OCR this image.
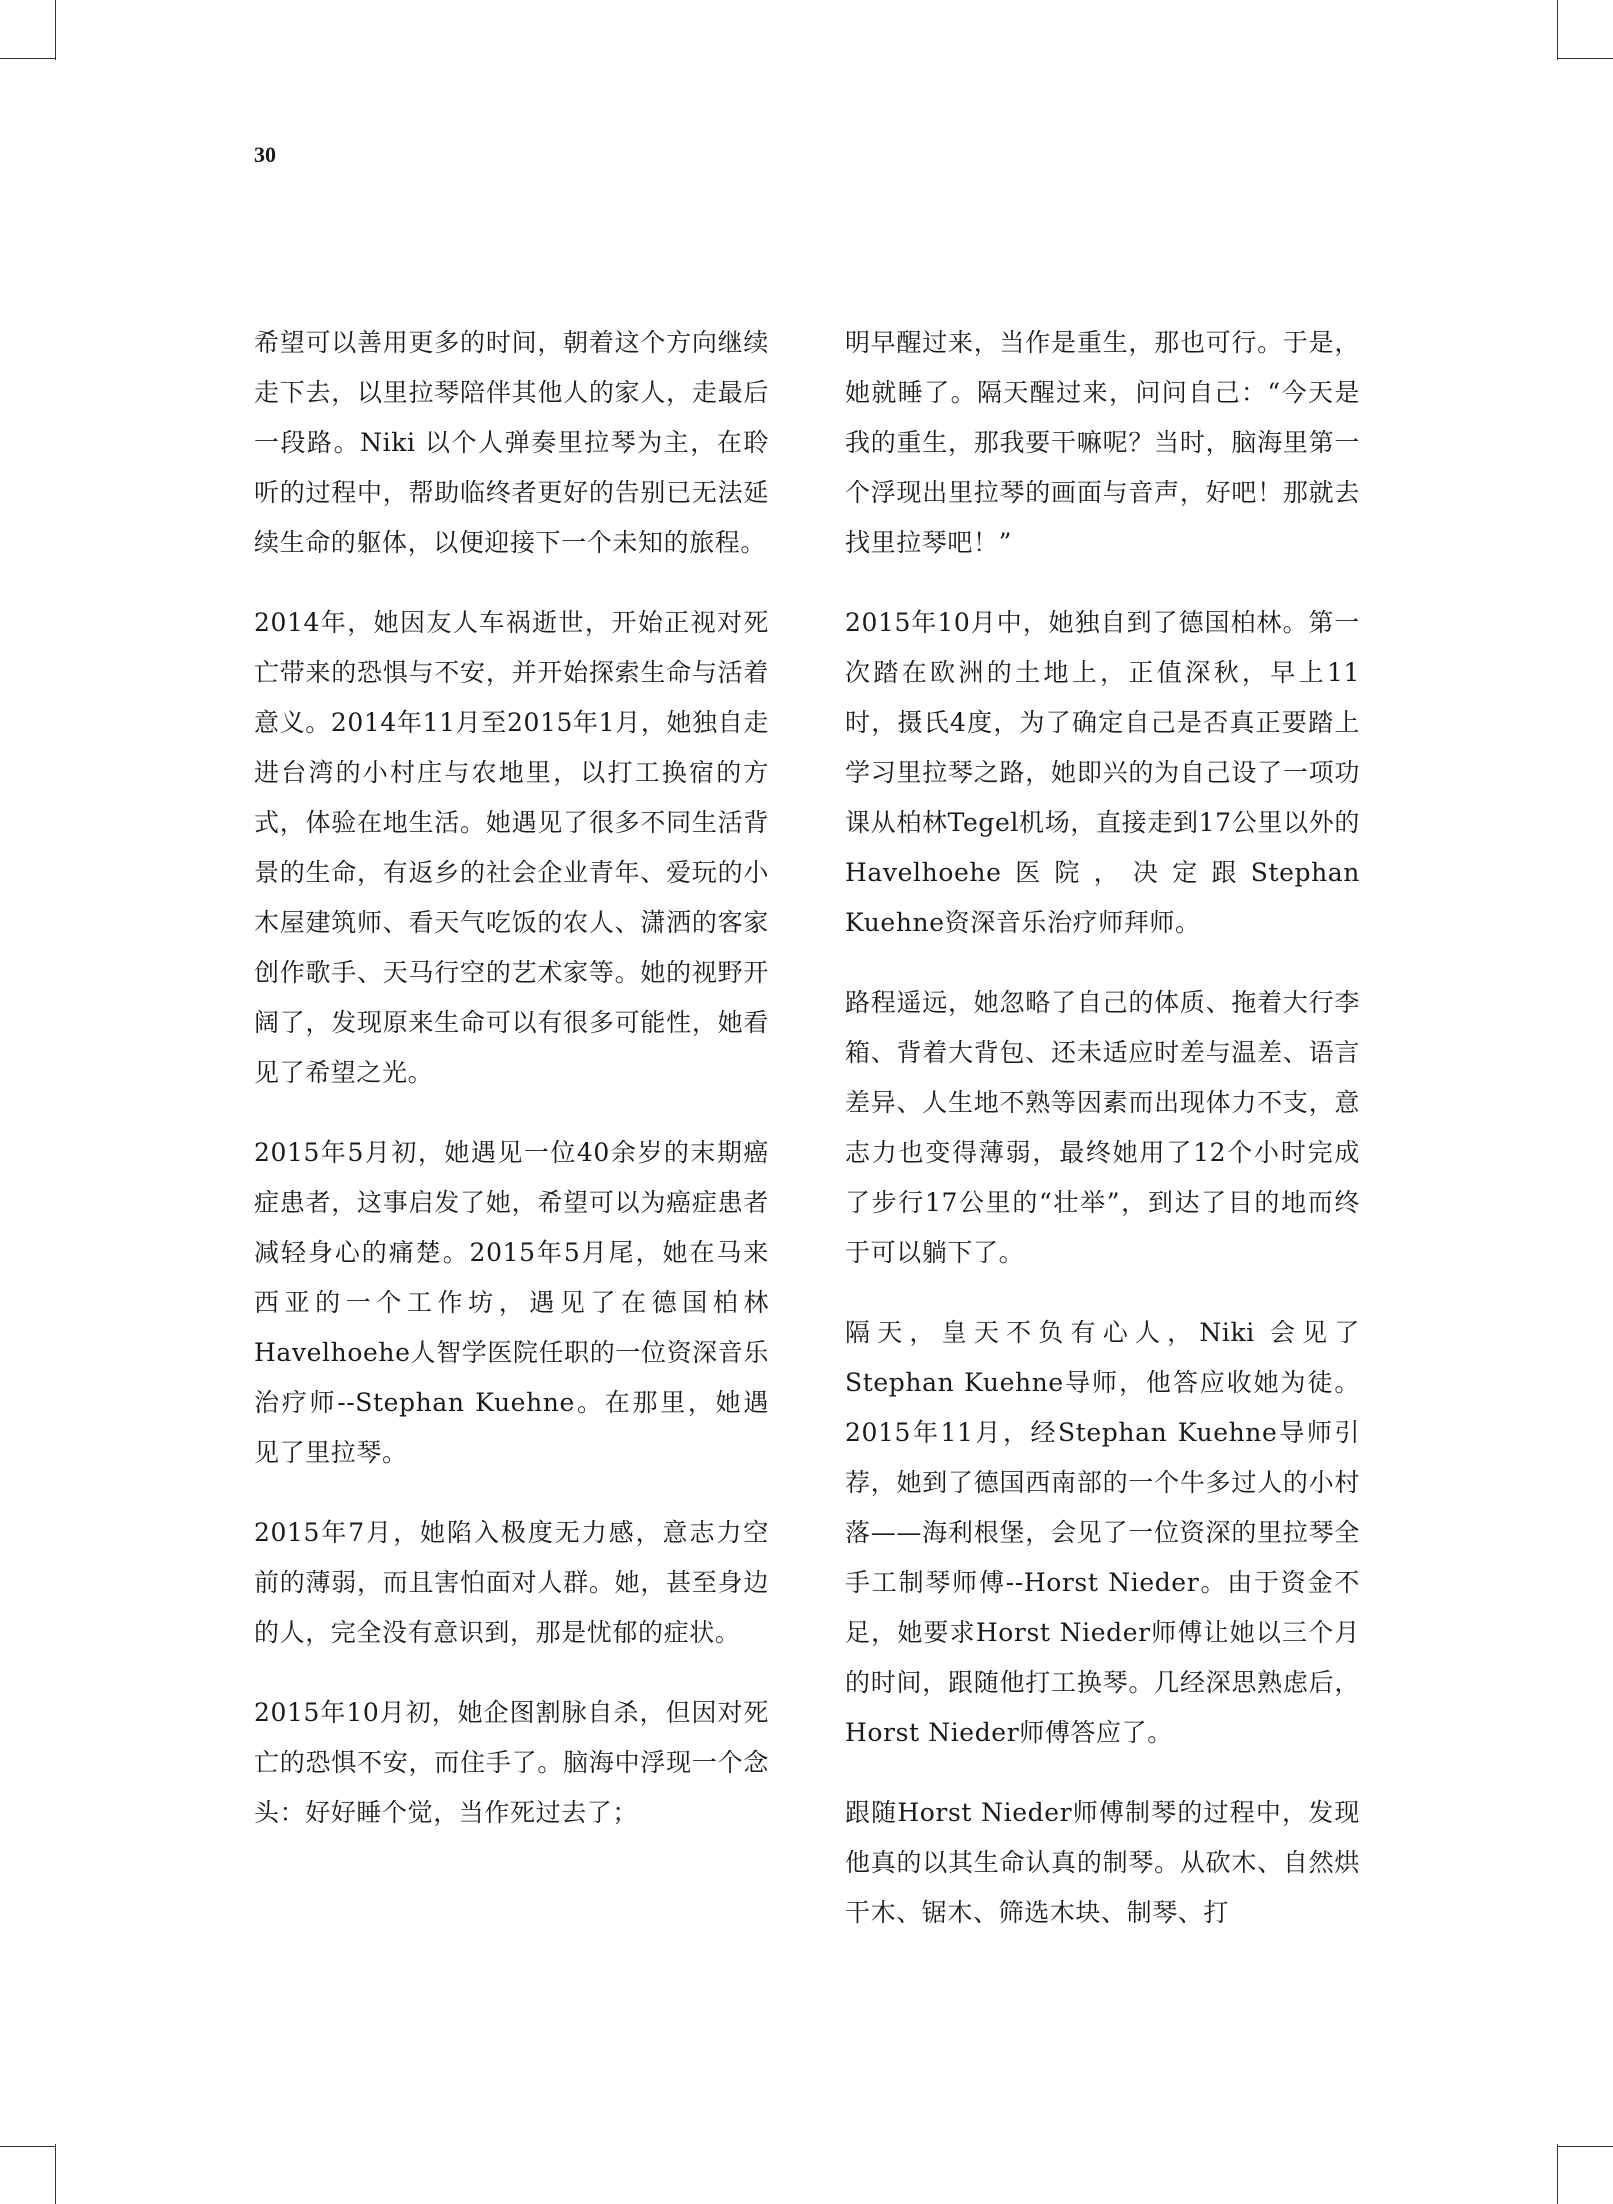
30

希望可以善用更多的时间，朝着这个方向继续走下去，以里拉琴陪伴其他人的家人，走最后一段路。Niki 以个人弹奏里拉琴为主，在聆听的过程中，帮助临终者更好的告别已无法延续生命的躯体，以便迎接下一个未知的旅程。

2014年，她因友人车祸逝世，开始正视对死亡带来的恐惧与不安，并开始探索生命与活着意义。2014年11月至2015年1月，她独自走进台湾的小村庄与农地里，以打工换宿的方式，体验在地生活。她遇见了很多不同生活背景的生命，有返乡的社会企业青年、爱玩的小木屋建筑师、看天气吃饭的农人、潇洒的客家创作歌手、天马行空的艺术家等。她的视野开阔了，发现原来生命可以有很多可能性，她看见了希望之光。

2015年5月初，她遇见一位40余岁的末期癌症患者，这事启发了她，希望可以为癌症患者减轻身心的痛楚。2015年5月尾，她在马来西亚的一个工作坊，遇见了在德国柏林Havelhoehe人智学医院任职的一位资深音乐治疗师--Stephan Kuehne。在那里，她遇见了里拉琴。

2015年7月，她陷入极度无力感，意志力空前的薄弱，而且害怕面对人群。她，甚至身边的人，完全没有意识到，那是忧郁的症状。

2015年10月初，她企图割脉自杀，但因对死亡的恐惧不安，而住手了。脑海中浮现一个念头：好好睡个觉，当作死过去了；

明早醒过来，当作是重生，那也可行。于是，她就睡了。隔天醒过来，问问自己：“今天是我的重生，那我要干嘛呢？当时，脑海里第一个浮现出里拉琴的画面与音声，好吧！那就去找里拉琴吧！”

2015年10月中，她独自到了德国柏林。第一次踏在欧洲的土地上，正值深秋，早上11时，摄氏4度，为了确定自己是否真正要踏上学习里拉琴之路，她即兴的为自己设了一项功课从柏林Tegel机场，直接走到17公里以外的Havelhoehe医院，决定跟Stephan Kuehne资深音乐治疗师拜师。

路程遥远，她忽略了自己的体质、拖着大行李箱、背着大背包、还未适应时差与温差、语言差异、人生地不熟等因素而出现体力不支，意志力也变得薄弱，最终她用了12个小时完成了步行17公里的“壮举”，到达了目的地而终于可以躺下了。

隔天，皇天不负有心人，Niki 会见了Stephan Kuehne导师，他答应收她为徒。2015年11月，经Stephan Kuehne导师引荐，她到了德国西南部的一个牛多过人的小村落——海利根堡，会见了一位资深的里拉琴全手工制琴师傅--Horst Nieder。由于资金不足，她要求Horst Nieder师傅让她以三个月的时间，跟随他打工换琴。几经深思熟虑后，Horst Nieder师傅答应了。

跟随Horst Nieder师傅制琴的过程中，发现他真的以其生命认真的制琴。从砍木、自然烘干木、锯木、筛选木块、制琴、打
